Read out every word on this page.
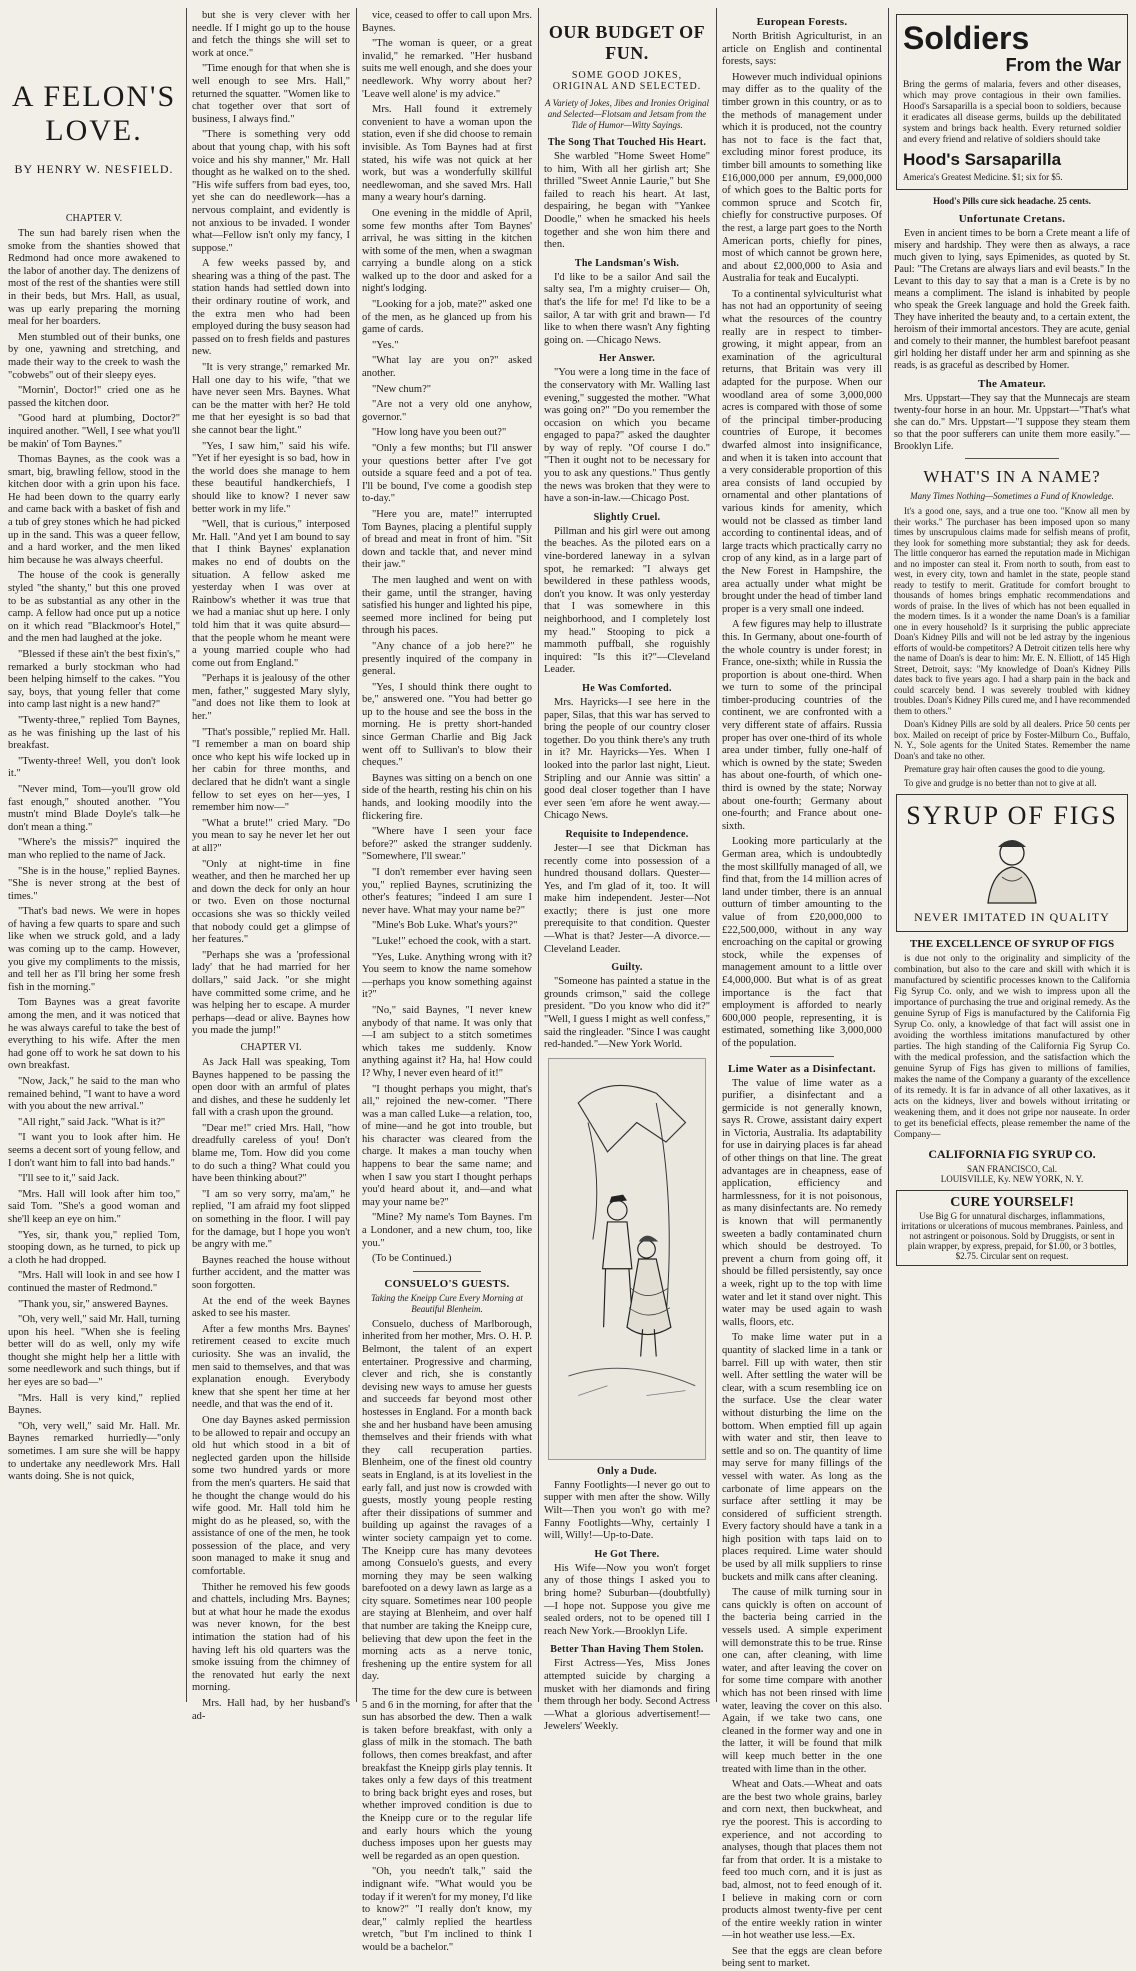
A FELON'S LOVE.
BY HENRY W. NESFIELD.
CHAPTER V.

The sun had barely risen when the smoke from the shanties showed that Redmond had once more awakened to the labor of another day. The denizens of most of the rest of the shanties were still in their beds, but Mrs. Hall, as usual, was up early preparing the morning meal for her boarders.

Men stumbled out of their bunks, one by one, yawning and stretching, and made their way to the creek to wash the "cobwebs" out of their sleepy eyes.

"Mornin', Doctor!" cried one as he passed the kitchen door.

"Good hard at plumbing, Doctor?" inquired another. "Well, I see what you'll be makin' of Tom Baynes."

Thomas Baynes, as the cook was a smart, big, brawling fellow, stood in the kitchen door with a grin upon his face. He had been down to the quarry early and came back with a basket of fish and a tub of grey stones which he had picked up in the sand. This was a queer fellow, and a hard worker, and the men liked him because he was always cheerful.

The house of the cook is generally styled "the shanty," but this one proved to be as substantial as any other in the camp. A fellow had once put up a notice on it which read "Blackmoor's Hotel," and the men had laughed at the joke.

"Blessed if these ain't the best fixin's," remarked a burly stockman who had been helping himself to the cakes. "You say, boys, that young feller that come into camp last night is a new hand?"

"Twenty-three," replied Tom Baynes, as he was finishing up the last of his breakfast.

"Twenty-three! Well, you don't look it."

"Never mind, Tom—you'll grow old fast enough," shouted another. "You mustn't mind Blade Doyle's talk—he don't mean a thing."

"Where's the missis?" inquired the man who replied to the name of Jack.

"She is in the house," replied Baynes. "She is never strong at the best of times."

"That's bad news. We were in hopes of having a few quarts to spare and such like when we struck gold, and a lady was coming up to the camp. However, you give my compliments to the missis, and tell her as I'll bring her some fresh fish in the morning."

Tom Baynes was a great favorite among the men, and it was noticed that he was always careful to take the best of everything to his wife. After the men had gone off to work he sat down to his own breakfast.

"Now, Jack," he said to the man who remained behind, "I want to have a word with you about the new arrival."

"All right," said Jack. "What is it?"

"I want you to look after him. He seems a decent sort of young fellow, and I don't want him to fall into bad hands."

"I'll see to it," said Jack.

"Mrs. Hall will look after him too," said Tom. "She's a good woman and she'll keep an eye on him."

"Yes, sir, thank you," replied Tom, stooping down, as he turned, to pick up a cloth he had dropped.

"Mrs. Hall will look in and see how I continued the master of Redmond."

"Thank you, sir," answered Baynes.

"Oh, very well," said Mr. Hall, turning upon his heel. "When she is feeling better will do as well, only my wife thought she might help her a little with some needlework and such things, but if her eyes are so bad—"

"Mrs. Hall is very kind," replied Baynes.

"Oh, very well," said Mr. Hall. Mr. Baynes remarked hurriedly—"only sometimes. I am sure she will be happy to undertake any needlework Mrs. Hall wants doing. She is not quick,

but she is very clever with her needle. If I might go up to the house and fetch the things she will set to work at once."

"Time enough for that when she is well enough to see Mrs. Hall," returned the squatter. "Women like to chat together over that sort of business, I always find."

"There is something very odd about that young chap, with his soft voice and his shy manner," Mr. Hall thought as he walked on to the shed. "His wife suffers from bad eyes, too, yet she can do needlework—has a nervous complaint, and evidently is not anxious to be invaded. I wonder what—Fellow isn't only my fancy, I suppose."

A few weeks passed by, and shearing was a thing of the past. The station hands had settled down into their ordinary routine of work, and the extra men who had been employed during the busy season had passed on to fresh fields and pastures new.

"It is very strange," remarked Mr. Hall one day to his wife, "that we have never seen Mrs. Baynes. What can be the matter with her? He told me that her eyesight is so bad that she cannot bear the light."

"Yes, I saw him," said his wife. "Yet if her eyesight is so bad, how in the world does she manage to hem these beautiful handkerchiefs, I should like to know? I never saw better work in my life."

"Well, that is curious," interposed Mr. Hall. "And yet I am bound to say that I think Baynes' explanation makes no end of doubts on the situation. A fellow asked me yesterday when I was over at Rainbow's whether it was true that we had a maniac shut up here. I only told him that it was quite absurd—that the people whom he meant were a young married couple who had come out from England."

"Perhaps it is jealousy of the other men, father," suggested Mary slyly, "and does not like them to look at her."

"That's possible," replied Mr. Hall. "I remember a man on board ship once who kept his wife locked up in her cabin for three months, and declared that he didn't want a single fellow to set eyes on her—yes, I remember him now—"

"What a brute!" cried Mary. "Do you mean to say he never let her out at all?"

"Only at night-time in fine weather, and then he marched her up and down the deck for only an hour or two. Even on those nocturnal occasions she was so thickly veiled that nobody could get a glimpse of her features."

"Perhaps she was a 'professional lady' that he had married for her dollars," said Jack. "or she might have committed some crime, and he was helping her to escape. A murder perhaps—dead or alive. Baynes how you made the jump!"

CHAPTER VI.

As Jack Hall was speaking, Tom Baynes happened to be passing the open door with an armful of plates and dishes, and these he suddenly let fall with a crash upon the ground.

"Dear me!" cried Mrs. Hall, "how dreadfully careless of you! Don't blame me, Tom. How did you come to do such a thing? What could you have been thinking about?"

"I am so very sorry, ma'am," he replied, "I am afraid my foot slipped on something in the floor. I will pay for the damage, but I hope you won't be angry with me."

Baynes reached the house without further accident, and the matter was soon forgotten.

At the end of the week Baynes asked to see his master.

After a few months Mrs. Baynes' retirement ceased to excite much curiosity. She was an invalid, the men said to themselves, and that was explanation enough. Everybody knew that she spent her time at her needle, and that was the end of it.

One day Baynes asked permission to be allowed to repair and occupy an old hut which stood in a bit of neglected garden upon the hillside some two hundred yards or more from the men's quarters. He said that he thought the change would do his wife good. Mr. Hall told him he might do as he pleased, so, with the assistance of one of the men, he took possession of the place, and very soon managed to make it snug and comfortable.

Thither he removed his few goods and chattels, including Mrs. Baynes; but at what hour he made the exodus was never known, for the best intimation the station had of his having left his old quarters was the smoke issuing from the chimney of the renovated hut early the next morning.

Mrs. Hall had, by her husband's ad-

vice, ceased to offer to call upon Mrs. Baynes.

"The woman is queer, or a great invalid," he remarked. "Her husband suits me well enough, and she does your needlework. Why worry about her? 'Leave well alone' is my advice."

Mrs. Hall found it extremely convenient to have a woman upon the station, even if she did choose to remain invisible. As Tom Baynes had at first stated, his wife was not quick at her work, but was a wonderfully skillful needlewoman, and she saved Mrs. Hall many a weary hour's darning.

One evening in the middle of April, some few months after Tom Baynes' arrival, he was sitting in the kitchen with some of the men, when a swagman carrying a bundle along on a stick walked up to the door and asked for a night's lodging.

"Looking for a job, mate?" asked one of the men, as he glanced up from his game of cards.

"Yes."

"What lay are you on?" asked another.

"New chum?"

"Are not a very old one anyhow, governor."

"How long have you been out?"

"Only a few months; but I'll answer your questions better after I've got outside a square feed and a pot of tea. I'll be bound, I've come a goodish step to-day."

"Here you are, mate!" interrupted Tom Baynes, placing a plentiful supply of bread and meat in front of him. "Sit down and tackle that, and never mind their jaw."

The men laughed and went on with their game, until the stranger, having satisfied his hunger and lighted his pipe, seemed more inclined for being put through his paces.

"Any chance of a job here?" he presently inquired of the company in general.

"Yes, I should think there ought to be," answered one. "You had better go up to the house and see the boss in the morning. He is pretty short-handed since German Charlie and Big Jack went off to Sullivan's to blow their cheques."

Baynes was sitting on a bench on one side of the hearth, resting his chin on his hands, and looking moodily into the flickering fire.

"Where have I seen your face before?" asked the stranger suddenly. "Somewhere, I'll swear."

"I don't remember ever having seen you," replied Baynes, scrutinizing the other's features; "indeed I am sure I never have. What may your name be?"

"Mine's Bob Luke. What's yours?"

"Luke!" echoed the cook, with a start.

"Yes, Luke. Anything wrong with it? You seem to know the name somehow—perhaps you know something against it?"

"No," said Baynes, "I never knew anybody of that name. It was only that—I am subject to a stitch sometimes which takes me suddenly. Know anything against it? Ha, ha! How could I? Why, I never even heard of it!"

"I thought perhaps you might, that's all," rejoined the new-comer. "There was a man called Luke—a relation, too, of mine—and he got into trouble, but his character was cleared from the charge. It makes a man touchy when happens to bear the same name; and when I saw you start I thought perhaps you'd heard about it, and—and what may your name be?"

"Mine? My name's Tom Baynes. I'm a Londoner, and a new chum, too, like you."

(To be Continued.)

CONSUELO'S GUESTS.
Taking the Kneipp Cure Every Morning at Beautiful Blenheim.

Consuelo, duchess of Marlborough, inherited from her mother, Mrs. O. H. P. Belmont, the talent of an expert entertainer. Progressive and charming, clever and rich, she is constantly devising new ways to amuse her guests and succeeds far beyond most other hostesses in England. For a month back she and her husband have been amusing themselves and their friends with what they call recuperation parties. Blenheim, one of the finest old country seats in England, is at its loveliest in the early fall, and just now is crowded with guests, mostly young people resting after their dissipations of summer and building up against the ravages of a winter society campaign yet to come. The Kneipp cure has many devotees among Consuelo's guests, and every morning they may be seen walking barefooted on a dewy lawn as large as a city square. Sometimes near 100 people are staying at Blenheim, and over half that number are taking the Kneipp cure, believing that dew upon the feet in the morning acts as a nerve tonic, freshening up the entire system for all day.

The time for the dew cure is between 5 and 6 in the morning, for after that the sun has absorbed the dew. Then a walk is taken before breakfast, with only a glass of milk in the stomach. The bath follows, then comes breakfast, and after breakfast the Kneipp girls play tennis. It takes only a few days of this treatment to bring back bright eyes and roses, but whether improved condition is due to the Kneipp cure or to the regular life and early hours which the young duchess imposes upon her guests may well be regarded as an open question.

"Oh, you needn't talk," said the indignant wife. "What would you be today if it weren't for my money, I'd like to know?" "I really don't know, my dear," calmly replied the heartless wretch, "but I'm inclined to think I would be a bachelor."

OUR BUDGET OF FUN.
SOME GOOD JOKES, ORIGINAL AND SELECTED.
A Variety of Jokes, Jibes and Ironies Original and Selected—Flotsam and Jetsam from the Tide of Humor—Witty Sayings.
The Song That Touched His Heart.

She warbled "Home Sweet Home" to him, With all her girlish art; She thrilled "Sweet Annie Laurie," but She failed to reach his heart. At last, despairing, he began with "Yankee Doodle," when he smacked his heels together and she won him there and then.

The Landsman's Wish.

I'd like to be a sailor And sail the salty sea, I'm a mighty cruiser— Oh, that's the life for me! I'd like to be a sailor, A tar with grit and brawn— I'd like to when there wasn't Any fighting going on. —Chicago News.

Her Answer.

"You were a long time in the face of the conservatory with Mr. Walling last evening," suggested the mother. "What was going on?" "Do you remember the occasion on which you became engaged to papa?" asked the daughter by way of reply. "Of course I do." "Then it ought not to be necessary for you to ask any questions." Thus gently the news was broken that they were to have a son-in-law.—Chicago Post.

Slightly Cruel.

Pillman and his girl were out among the beaches. As the piloted ears on a vine-bordered laneway in a sylvan spot, he remarked: "I always get bewildered in these pathless woods, don't you know. It was only yesterday that I was somewhere in this neighborhood, and I completely lost my head." Stooping to pick a mammoth puffball, she roguishly inquired: "Is this it?"—Cleveland Leader.

He Was Comforted.

Mrs. Hayricks—I see here in the paper, Silas, that this war has served to bring the people of our country closer together. Do you think there's any truth in it? Mr. Hayricks—Yes. When I looked into the parlor last night, Lieut. Stripling and our Annie was sittin' a good deal closer together than I have ever seen 'em afore he went away.—Chicago News.

Requisite to Independence.

Jester—I see that Dickman has recently come into possession of a hundred thousand dollars. Quester—Yes, and I'm glad of it, too. It will make him independent. Jester—Not exactly; there is just one more prerequisite to that condition. Quester—What is that? Jester—A divorce.—Cleveland Leader.

Guilty.

"Someone has painted a statue in the grounds crimson," said the college president. "Do you know who did it?" "Well, I guess I might as well confess," said the ringleader. "Since I was caught red-handed."—New York World.

Only a Dude.

Fanny Footlights—I never go out to supper with men after the show. Willy Wilt—Then you won't go with me? Fanny Footlights—Why, certainly I will, Willy!—Up-to-Date.

He Got There.

His Wife—Now you won't forget any of those things I asked you to bring home? Suburban—(doubtfully)—I hope not. Suppose you give me sealed orders, not to be opened till I reach New York.—Brooklyn Life.

Better Than Having Them Stolen.

First Actress—Yes, Miss Jones attempted suicide by charging a musket with her diamonds and firing them through her body. Second Actress—What a glorious advertisement!—Jewelers' Weekly.

European Forests.

North British Agriculturist, in an article on English and continental forests, says:

However much individual opinions may differ as to the quality of the timber grown in this country, or as to the methods of management under which it is produced, not the country has not to face is the fact that, excluding minor forest produce, its timber bill amounts to something like £16,000,000 per annum, £9,000,000 of which goes to the Baltic ports for common spruce and Scotch fir, chiefly for constructive purposes. Of the rest, a large part goes to the North American ports, chiefly for pines, most of which cannot be grown here, and about £2,000,000 to Asia and Australia for teak and Eucalypti.

To a continental sylviculturist what has not had an opportunity of seeing what the resources of the country really are in respect to timber-growing, it might appear, from an examination of the agricultural returns, that Britain was very ill adapted for the purpose. When our woodland area of some 3,000,000 acres is compared with those of some of the principal timber-producing countries of Europe, it becomes dwarfed almost into insignificance, and when it is taken into account that a very considerable proportion of this area consists of land occupied by ornamental and other plantations of various kinds for amenity, which would not be classed as timber land according to continental ideas, and of large tracts which practically carry no crop of any kind, as in a large part of the New Forest in Hampshire, the area actually under what might be brought under the head of timber land proper is a very small one indeed.

A few figures may help to illustrate this. In Germany, about one-fourth of the whole country is under forest; in France, one-sixth; while in Russia the proportion is about one-third. When we turn to some of the principal timber-producing countries of the continent, we are confronted with a very different state of affairs. Russia proper has over one-third of its whole area under timber, fully one-half of which is owned by the state; Sweden has about one-fourth, of which one-third is owned by the state; Norway about one-fourth; Germany about one-fourth; and France about one-sixth.

Looking more particularly at the German area, which is undoubtedly the most skillfully managed of all, we find that, from the 14 million acres of land under timber, there is an annual outturn of timber amounting to the value of from £20,000,000 to £22,500,000, without in any way encroaching on the capital or growing stock, while the expenses of management amount to a little over £4,000,000. But what is of as great importance is the fact that employment is afforded to nearly 600,000 people, representing, it is estimated, something like 3,000,000 of the population.

Lime Water as a Disinfectant.

The value of lime water as a purifier, a disinfectant and a germicide is not generally known, says R. Crowe, assistant dairy expert in Victoria, Australia. Its adaptability for use in dairying places is far ahead of other things on that line. The great advantages are in cheapness, ease of application, efficiency and harmlessness, for it is not poisonous, as many disinfectants are. No remedy is known that will permanently sweeten a badly contaminated churn which should be destroyed. To prevent a churn from going off, it should be filled persistently, say once a week, right up to the top with lime water and let it stand over night. This water may be used again to wash walls, floors, etc.

To make lime water put in a quantity of slacked lime in a tank or barrel. Fill up with water, then stir well. After settling the water will be clear, with a scum resembling ice on the surface. Use the clear water without disturbing the lime on the bottom. When emptied fill up again with water and stir, then leave to settle and so on. The quantity of lime may serve for many fillings of the vessel with water. As long as the carbonate of lime appears on the surface after settling it may be considered of sufficient strength. Every factory should have a tank in a high position with taps laid on to places required. Lime water should be used by all milk suppliers to rinse buckets and milk cans after cleaning.

The cause of milk turning sour in cans quickly is often on account of the bacteria being carried in the vessels used. A simple experiment will demonstrate this to be true. Rinse one can, after cleaning, with lime water, and after leaving the cover on for some time compare with another which has not been rinsed with lime water, leaving the cover on this also. Again, if we take two cans, one cleaned in the former way and one in the latter, it will be found that milk will keep much better in the one treated with lime than in the other.

Wheat and Oats.—Wheat and oats are the best two whole grains, barley and corn next, then buckwheat, and rye the poorest. This is according to experience, and not according to analyses, though that places them not far from that order. It is a mistake to feed too much corn, and it is just as bad, almost, not to feed enough of it. I believe in making corn or corn products almost twenty-five per cent of the entire weekly ration in winter—in hot weather use less.—Ex.

See that the eggs are clean before being sent to market.

Soldiers
From the War

Bring the germs of malaria, fevers and other diseases, which may prove contagious in their own families. Hood's Sarsaparilla is a special boon to soldiers, because it eradicates all disease germs, builds up the debilitated system and brings back health. Every returned soldier and every friend and relative of soldiers should take

Hood's Sarsaparilla
America's Greatest Medicine. $1; six for $5.
Hood's Pills cure sick headache. 25 cents.
Unfortunate Cretans.

Even in ancient times to be born a Crete meant a life of misery and hardship. They were then as always, a race much given to lying, says Epimenides, as quoted by St. Paul: "The Cretans are always liars and evil beasts." In the Levant to this day to say that a man is a Crete is by no means a compliment. The island is inhabited by people who speak the Greek language and hold the Greek faith. They have inherited the beauty and, to a certain extent, the heroism of their immortal ancestors. They are acute, genial and comely to their manner, the humblest barefoot peasant girl holding her distaff under her arm and spinning as she reads, is as graceful as described by Homer.

The Amateur.

Mrs. Uppstart—They say that the Munnecajs are steam twenty-four horse in an hour. Mr. Uppstart—"That's what she can do." Mrs. Uppstart—"I suppose they steam them so that the poor sufferers can unite them more easily."—Brooklyn Life.

WHAT'S IN A NAME?
Many Times Nothing—Sometimes a Fund of Knowledge.

It's a good one, says, and a true one too. "Know all men by their works." The purchaser has been imposed upon so many times by unscrupulous claims made for selfish means of profit, they look for something more substantial; they ask for deeds. The little conqueror has earned the reputation made in Michigan and no imposter can steal it. From north to south, from east to west, in every city, town and hamlet in the state, people stand ready to testify to merit. Gratitude for comfort brought to thousands of homes brings emphatic recommendations and words of praise. In the lives of which has not been equalled in the modern times. Is it a wonder the name Doan's is a familiar one in every household? Is it surprising the public appreciate Doan's Kidney Pills and will not be led astray by the ingenious efforts of would-be competitors? A Detroit citizen tells here why the name of Doan's is dear to him: Mr. E. N. Elliott, of 145 High Street, Detroit, says: "My knowledge of Doan's Kidney Pills dates back to five years ago. I had a sharp pain in the back and could scarcely bend. I was severely troubled with kidney troubles. Doan's Kidney Pills cured me, and I have recommended them to others."

Doan's Kidney Pills are sold by all dealers. Price 50 cents per box. Mailed on receipt of price by Foster-Milburn Co., Buffalo, N. Y., Sole agents for the United States. Remember the name Doan's and take no other.

Premature gray hair often causes the good to die young.

To give and grudge is no better than not to give at all.

SYRUP OF FIGS
NEVER IMITATED IN QUALITY
THE EXCELLENCE OF SYRUP OF FIGS

is due not only to the originality and simplicity of the combination, but also to the care and skill with which it is manufactured by scientific processes known to the California Fig Syrup Co. only, and we wish to impress upon all the importance of purchasing the true and original remedy. As the genuine Syrup of Figs is manufactured by the California Fig Syrup Co. only, a knowledge of that fact will assist one in avoiding the worthless imitations manufactured by other parties. The high standing of the California Fig Syrup Co. with the medical profession, and the satisfaction which the genuine Syrup of Figs has given to millions of families, makes the name of the Company a guaranty of the excellence of its remedy. It is far in advance of all other laxatives, as it acts on the kidneys, liver and bowels without irritating or weakening them, and it does not gripe nor nauseate. In order to get its beneficial effects, please remember the name of the Company—

CALIFORNIA FIG SYRUP CO.
SAN FRANCISCO, Cal.
LOUISVILLE, Ky. NEW YORK, N. Y.
CURE YOURSELF!
Use Big G for unnatural discharges, inflammations, irritations or ulcerations of mucous membranes. Painless, and not astringent or poisonous. Sold by Druggists, or sent in plain wrapper, by express, prepaid, for $1.00, or 3 bottles, $2.75. Circular sent on request.
